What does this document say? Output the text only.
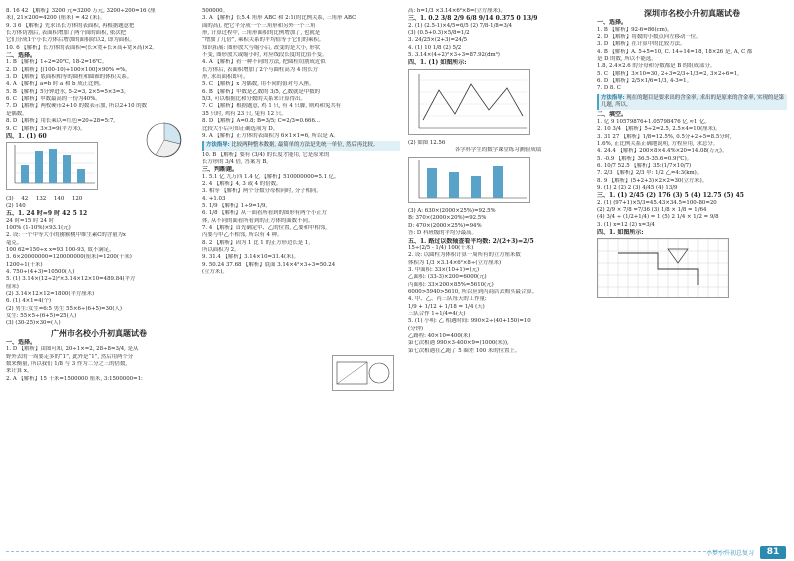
8. 16 42 【解析】3200 元=3200 万元, 3200÷200=16 (厘
米), 21×200=4200 (厘米) = 42 (米)。
9. 3 6 【解析】先求出长方体的表面积, 再根据题意把
长方体切割后, 表面积增加了两个面的面积, 依次把
它们分成1个小长方体后增加的面积除以2, 即为面积。
10. 6 【解析】长方体的表面积=(长×宽+长×高+宽×高)×2。
二、选择。
1. B 【解析】1÷2=20℃, 18-2=16℃。
2. D 【解析】[(100-10)+100×100]×90% =%。
3. D 【解析】底面积相等的圆柱和圆锥的体积关系。
4. A 【解析】a=b 时 a 和 b 成正比例。
5. B 【解析】5分钟进水, 5-2=3, 2×5=5×3=3。
6. C 【解析】甲数最高的一份为40%。
7. D 【解析】两枚硬币2+10 的数表示加, 所以2+10 的数
是偶数。
8. D 【解析】用长乘以=红色=20÷28=5:7。
9. C 【解析】3×3=9(平方米)。
四、1. (1) 60
(3) 42 132 140 120
(2) 140
五、1. 24 时=9 时 42 5 12
24 时=15 时 24 时
100% (1-10%)×93.1(元)
2. 设: 一个中等大小的猕猴桃中维生素C的含量为x
毫克。
100 62=150÷x x=93 100-93, 故不满足。
3. 6×20000000=120000000(厘米)=1200(千米)
1200÷1(千米)
4. 750÷(4+3)=10500(人)
5. (1) 3.14×(12÷2)²×3.14×12×10=489.84(平方
厘米)
(2) 3.14×12×12=1800(平方厘米)
6. (1) 4×1=4(个)
(2) 男生:女生=6:5 男生 55×6÷(6+5)=30(人)
女生: 55×5÷(6+5)=25(人)
(3) (30-25)×30=(人)
广州市名校小升初真题试卷
一、选择。
1. D 【解析】由图可知, 20÷1×=2, 28÷8=3/4, 是从
野外去的一周要走多的“1”, 此外是“1”, 然后用两个分
数来衡量, 所以我们 1/8 与 3 作为二分之三的倍数,
来计算 x。
2. A 【解析】15 千米=1500000 厘米, 3:1500000=1:
500000。
3. A 【解析】长5.4 角形 ABC 和 2:1(的比例关系, 三角形 ABC
面的高), 把它平分成一个三角形和另外一个三角
形, 计算过程中, 三角形面积的比例增加了, 也就是
“增加了几倍”, 乘积关系的平均值等于它们的乘积。
知识拓展: 图形放大与缩小后, 改变的是大小, 形状
不变, 图形放大或缩小时, 对应线段长度的比值不变。
4. A 【解析】看一种不同的方法, 把圆柱切割成近似
长方体后, 表面积增加了2个与圆柱高为 4 的长方
形, 求出面积即可。
5. C 【解析】x 为偶数, 用不同的值对号入座。
6. B 【解析】甲数是乙数的 3/5, 乙数就是甲数的
5/3, 可以根据比和分数的关系来计算得出。
7. C 【解析】根据题意, 鸡 1 只, 有 4 只脚, 则鸡和兔共有
35 只时, 鸡有 23 只, 兔有 12 只。
8. D 【解析】A=0.8; B=3/5; C=2/3=0.666...
比较大小后可知正确选项为 D。
9. A 【解析】正方体的表面积为 6×1×1=6, 所以是 A。
方法指导: 比较两种整本数据, 最简单的方法是先统一单位, 然后再比较。
10. B 【解析】要有 (3/4) 的长度才能用, 它是原来的
长方形的 3/4 倍, 答案为 B。
三、判断题。
1. 5.1 亿 九万四 1.4 亿 【解析】510000000=5.1 亿。
2. 4 【解析】4, 3 或 4 的倍数。
3. 相等 【解析】两个分数分母相同时, 分子相同。
4. +1.03
5. 1/9 【解析】1÷9=1/9。
6. 1/8 【解析】从一面看所看到的图形有两个小正方
体, 从不同的面看所看到的正方体的面数不同。
7. 4 【解析】首先确定甲、乙的位置, 乙要和甲相邻,
丙要与甲乙不相邻, 所以有 4 种。
8. 2 【解析】因为 1 比 1 的正方形边长是 1,
所以面积为 2。
9. 31.4 【解析】3.14×10=31.4(米)。
9. 50.24 37.68 【解析】底面 3.14×4²×3÷3=50.24
(立方米)。
高: h=1/3 ×3.14×6²×8=(立方厘米)。
三、1. 0.2 3/8 2/9 6/8 9/14 0.375 0 13/9
2. (1) (2.5-1)×4/5=6/5 (2) 7/8-1/8=3/4
(3) (0.5+0.3)×5/8=1/2
3. 24/25×(2+3)=24/5
4. (1) 10 1/8 (2) 5/2
5. 3.14×(4÷2)²×3÷3=87.92(dm³)
四、1. (1) 如图所示:
(2) 如图 12.56
各学科学生的数学课堂练习测验成绩
(3) A: 630×(2000×25%)=92.5%
B: 370×(2000×20%)=92.5%
D: 470×(2000×25%)=94%
答: D 科班级的平均分最高。
五、1. 路过以数轴查看平均数: 2/(2+3)=2/5
15÷(2/5 - 1/4) 100(千米)
2. 设: 以圆柱为体积计算一周所有的立方厘米数
体积为 1/3 ×3.14×6²×8÷(立方厘米)
3. 甲面积: 33×(10+1)=(元)
乙面积: (33-3)×200=6000(元)
丙面积: 33×200×85%=5610(元)
6000>5940>5610, 所以应到丙商店去购买最合算。
4. 甲、乙、丙三队每天的工作量:
1/9 + 1/12 + 1/18 = 1/4 (天)
三队合作 1÷1/4=4(天)
5. (1) 小明: 乙 相遇时间: 990×2÷(40+150)=10
(分钟)
乙路程: 40×10=400(米)
第七次相遇 990×3-400×9=(1000(米)),
第七次相遇在乙跑了 5 圈差 100 米的位置上。
深圳市名校小升初真题试卷
一、选择。
1. B 【解析】92-6=86(cm)。
2. D 【解析】将数的小数点向左移动一位。
3. D 【解析】在计算中的比较方法。
4. B 【解析】A. 5+5=10, C. 14÷14=18, 18×26 是, A, C 都
是 D 的数, 所以不能选。
1.8, 2.4×2.6 的分母和分数都是 B 的组成部分。
5. C 【解析】3×10=30, 2÷3=2/3÷1/3=2, 3×2÷6=1,
6. D 【解析】2/5×1/6=1/3, 4-3=1。
7. D 8. C
方法指导: 现在的题目是要求出的含金率, 求出的是原来的含金率, 实现的是第几题, 所以。
二、填空。
1. 亿 9 10579876+1.05798476 亿 ≈1 亿。
2. 10 3/4 【解析】5÷2=2.5, 2.5×4=10(厘米)。
3. 31 27 【解析】1/8=12.5%, 0.5分+2÷5=8.5分时,
1.6%, 正比例关系正确地说明, 方程应用, 求总分。
4. 24.4 【解析】200×8×4.4%×20=14.08(万元)。
5. -0.9 【解析】36.5-35.6=0.9(℃)。
6. 10/7 52.5 【解析】35:(1/7×10/7)
7. 2/3 【解析】2/3 甲: 1/2 乙=4:3(km)。
8. 9 【解析】(5+2+3)×2×2=30(立方米)。
9. (1) 2 (2) 2 (3) 4/45 (4) 13/9
三、1. (1) 2/45 (2) 176 (3) 5 (4) 12.75 (5) 45
2. (1) (97+1)×5/3=45.43×34.5=100-80=20
(2) 2/9 × 7/8 =7/36 (3) 1/8 × 1/8 = 1/64
(4) 3/4 ÷ (1/2+1/4) = 1 (5) 2 1/4 × 1/2 = 9/8
3. (1) x=12 (2) x=3/4
四、1. 如图所示:
小梦小升初总复习	81
